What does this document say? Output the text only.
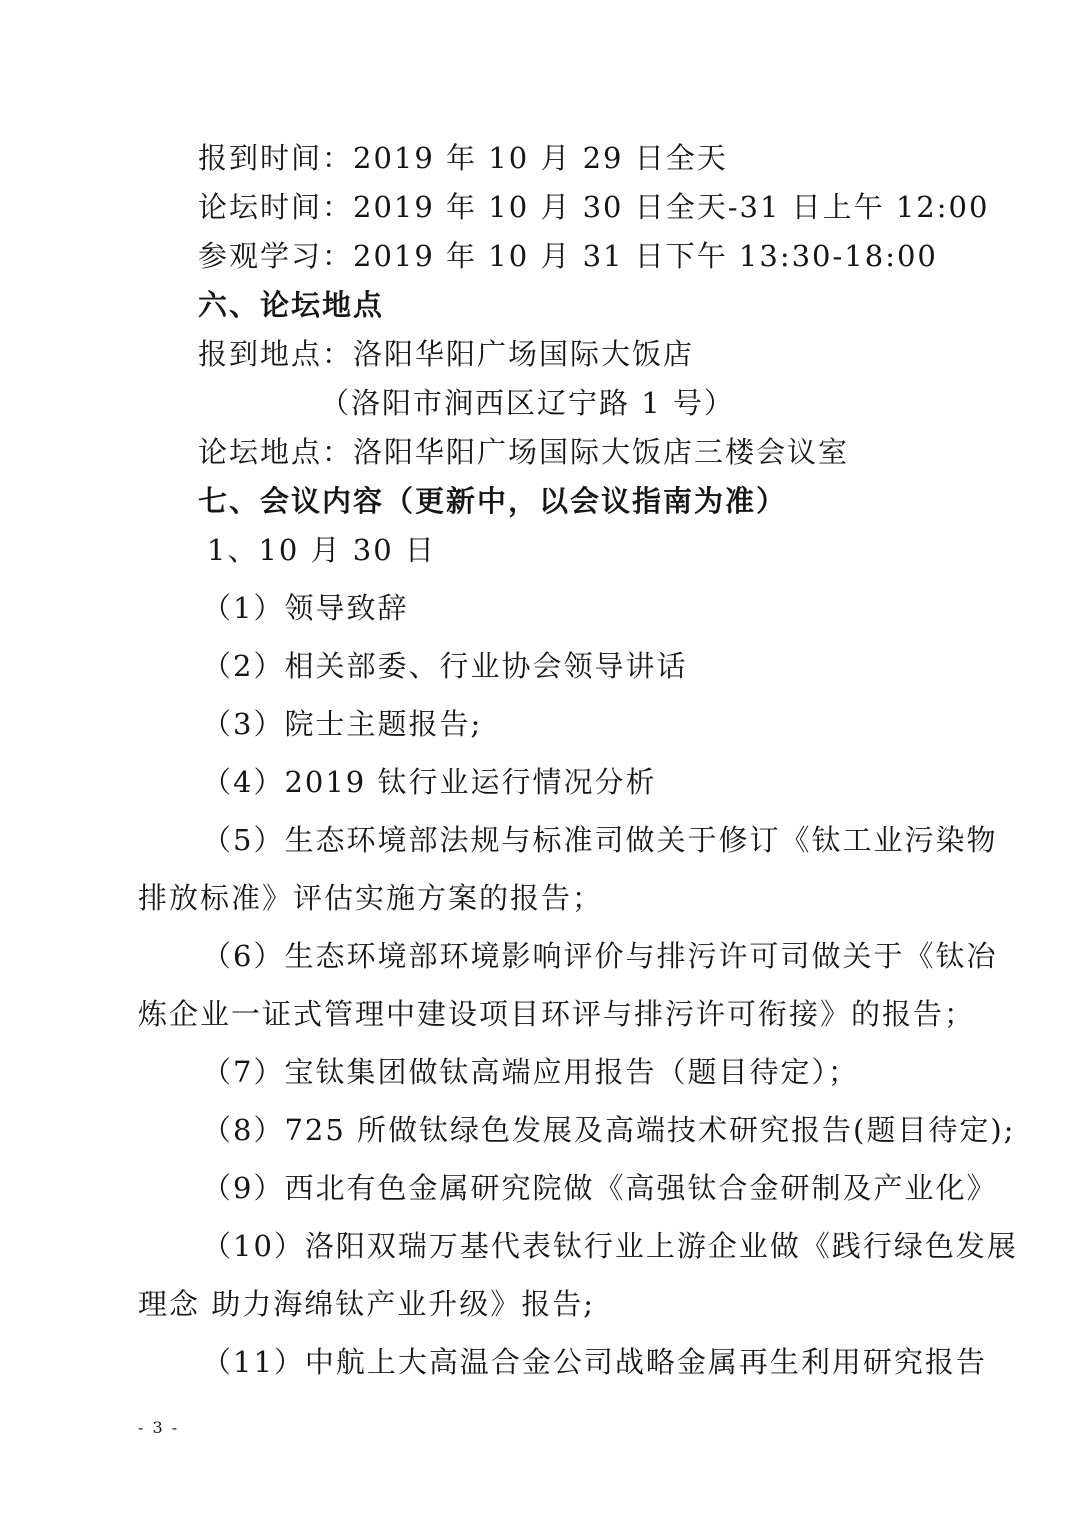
报到时间：2019 年 10 月 29 日全天
论坛时间：2019 年 10 月 30 日全天-31 日上午 12:00
参观学习：2019 年 10 月 31 日下午 13:30-18:00
六、论坛地点
报到地点：洛阳华阳广场国际大饭店
（洛阳市涧西区辽宁路 1 号）
论坛地点：洛阳华阳广场国际大饭店三楼会议室
七、会议内容（更新中，以会议指南为准）
1、10 月 30 日
（1）领导致辞
（2）相关部委、行业协会领导讲话
（3）院士主题报告;
（4）2019 钛行业运行情况分析
（5）生态环境部法规与标准司做关于修订《钛工业污染物
排放标准》评估实施方案的报告；
（6）生态环境部环境影响评价与排污许可司做关于《钛冶
炼企业一证式管理中建设项目环评与排污许可衔接》的报告；
（7）宝钛集团做钛高端应用报告（题目待定）；
（8）725 所做钛绿色发展及高端技术研究报告(题目待定);
（9）西北有色金属研究院做《高强钛合金研制及产业化》
（10）洛阳双瑞万基代表钛行业上游企业做《践行绿色发展
理念 助力海绵钛产业升级》报告;
（11）中航上大高温合金公司战略金属再生利用研究报告
- 3 -
